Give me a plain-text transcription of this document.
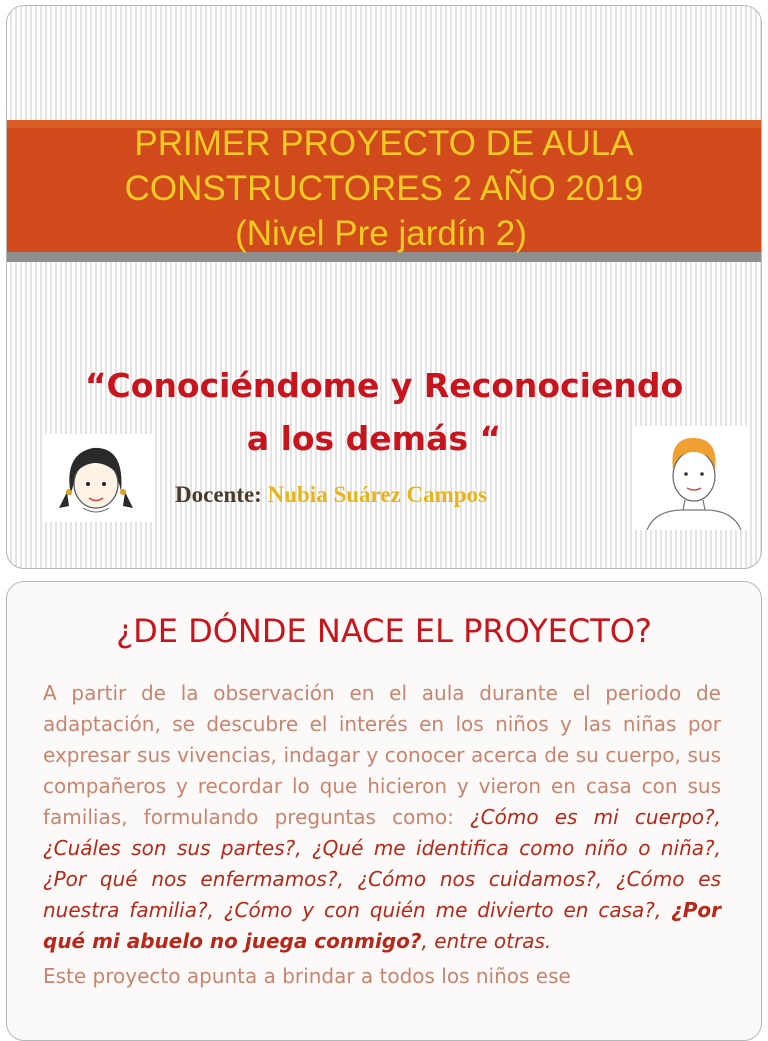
PRIMER PROYECTO DE AULA
CONSTRUCTORES 2 AÑO 2019
(Nivel Pre jardín 2)
“Conociéndome y Reconociendo
a los demás “
Docente: Nubia Suárez Campos
¿DE DÓNDE NACE EL PROYECTO?

A partir de la observación en el aula durante el periodo de adaptación, se descubre el interés en los niños y las niñas por expresar sus vivencias, indagar y conocer acerca de su cuerpo, sus compañeros y recordar lo que hicieron y vieron en casa con sus familias, formulando preguntas como: ¿Cómo es mi cuerpo?, ¿Cuáles son sus partes?, ¿Qué me identifica como niño o niña?, ¿Por qué nos enfermamos?, ¿Cómo nos cuidamos?, ¿Cómo es nuestra familia?, ¿Cómo y con quién me divierto en casa?, ¿Por qué mi abuelo no juega conmigo?, entre otras.

Este proyecto apunta a brindar a todos los niños ese
